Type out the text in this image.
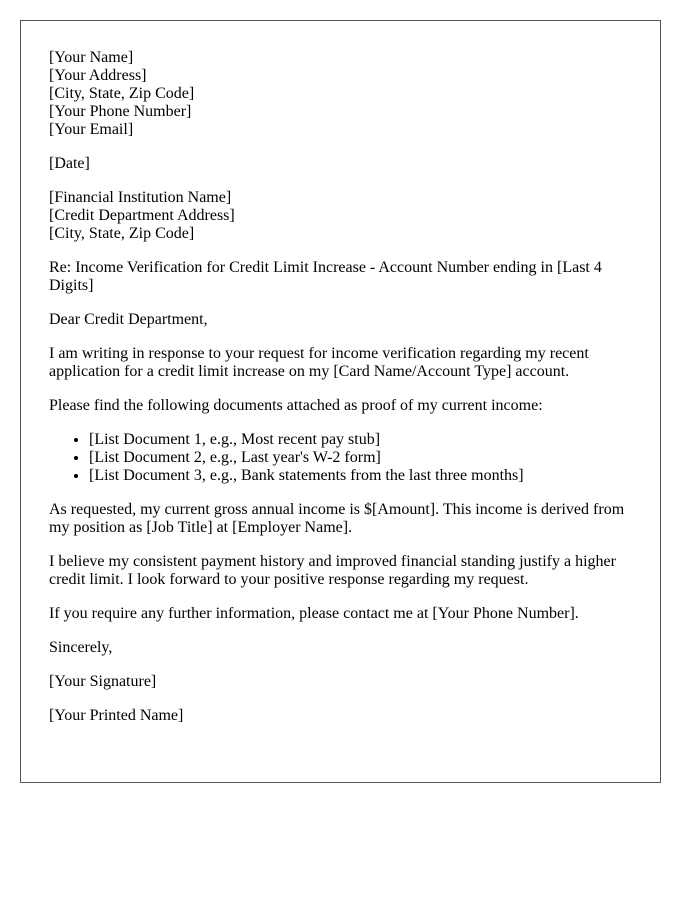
[Your Name]
[Your Address]
[City, State, Zip Code]
[Your Phone Number]
[Your Email]

[Date]

[Financial Institution Name]
[Credit Department Address]
[City, State, Zip Code]

Re: Income Verification for Credit Limit Increase - Account Number ending in [Last 4 Digits]

Dear Credit Department,

I am writing in response to your request for income verification regarding my recent application for a credit limit increase on my [Card Name/Account Type] account.

Please find the following documents attached as proof of my current income:

• [List Document 1, e.g., Most recent pay stub]
• [List Document 2, e.g., Last year's W-2 form]
• [List Document 3, e.g., Bank statements from the last three months]

As requested, my current gross annual income is $[Amount]. This income is derived from my position as [Job Title] at [Employer Name].

I believe my consistent payment history and improved financial standing justify a higher credit limit. I look forward to your positive response regarding my request.

If you require any further information, please contact me at [Your Phone Number].

Sincerely,

[Your Signature]

[Your Printed Name]
